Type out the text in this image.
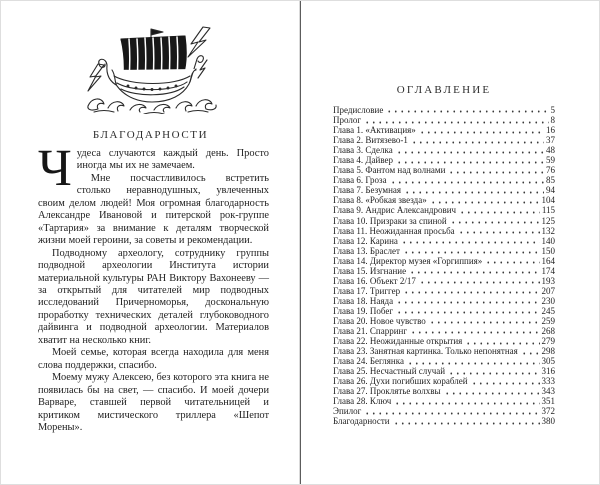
БЛАГОДАРНОСТИ
Ч удеса случаются каждый день. Просто иногда мы их не замечаем.

Мне посчастливилось встретить столько неравнодушных, увлеченных своим делом людей! Моя огромная благодарность Александре Ивановой и питерской рок-группе «Тартария» за внимание к деталям творческой жизни моей героини, за советы и рекомендации.

Подводному археологу, сотруднику группы подводной археологии Института истории материальной культуры РАН Виктору Вахонееву — за открытый для читателей мир подводных исследований Причерноморья, доскональную проработку технических деталей глубоководного дайвинга и подводной археологии. Материалов хватит на несколько книг.

Моей семье, которая всегда находила для меня слова поддержки, спасибо.

Моему мужу Алексею, без которого эта книга не появилась бы на свет, — спасибо. И моей дочери Варваре, ставшей первой читательницей и критиком мистического триллера «Шепот Морены».

ОГЛАВЛЕНИЕ
Предисловие	5
Пролог	8
Глава 1. «Активация»	16
Глава 2. Витязево-1	37
Глава 3. Сделка	48
Глава 4. Дайвер	59
Глава 5. Фантом над волнами	76
Глава 6. Гроза	85
Глава 7. Безумная	94
Глава 8. «Робкая звезда»	104
Глава 9. Андрис Александрович	115
Глава 10. Призраки за спиной	125
Глава 11. Неожиданная просьба	132
Глава 12. Карина	140
Глава 13. Браслет	150
Глава 14. Директор музея «Горгиппия»	164
Глава 15. Изгнание	174
Глава 16. Объект 2/17	193
Глава 17. Триггер	207
Глава 18. Наяда	230
Глава 19. Побег	245
Глава 20. Новое чувство	259
Глава 21. Спарринг	268
Глава 22. Неожиданные открытия	279
Глава 23. Занятная картинка. Только непонятная	298
Глава 24. Беглянка	305
Глава 25. Несчастный случай	316
Глава 26. Духи погибших кораблей	333
Глава 27. Проклятье волхвы	343
Глава 28. Ключ	351
Эпилог	372
Благодарности	380
